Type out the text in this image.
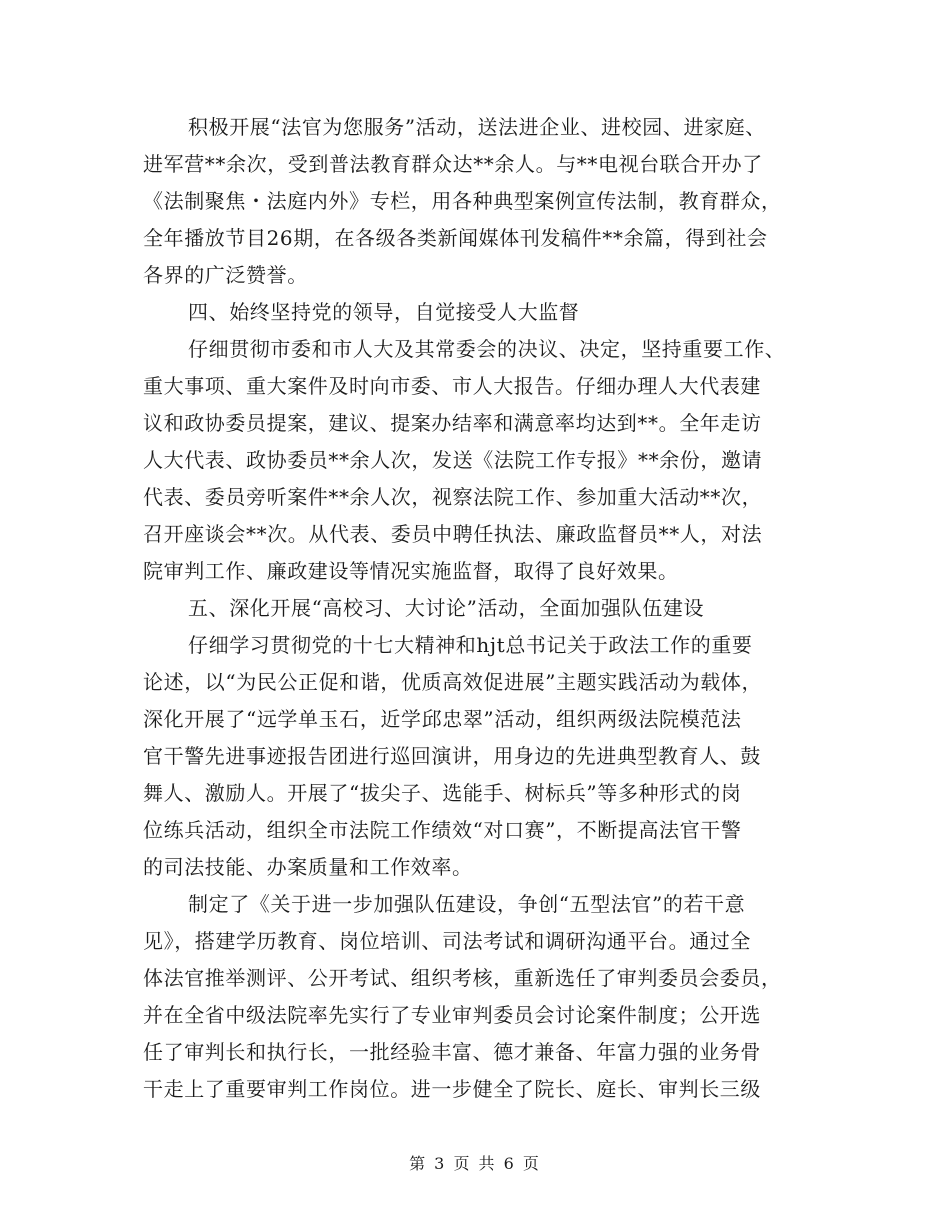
积极开展“法官为您服务”活动，送法进企业、进校园、进家庭、
进军营**余次，受到普法教育群众达**余人。与**电视台联合开办了
《法制聚焦・法庭内外》专栏，用各种典型案例宣传法制，教育群众，
全年播放节目26期，在各级各类新闻媒体刊发稿件**余篇，得到社会
各界的广泛赞誉。
四、始终坚持党的领导，自觉接受人大监督
仔细贯彻市委和市人大及其常委会的决议、决定，坚持重要工作、
重大事项、重大案件及时向市委、市人大报告。仔细办理人大代表建
议和政协委员提案，建议、提案办结率和满意率均达到**。全年走访
人大代表、政协委员**余人次，发送《法院工作专报》**余份，邀请
代表、委员旁听案件**余人次，视察法院工作、参加重大活动**次，
召开座谈会**次。从代表、委员中聘任执法、廉政监督员**人，对法
院审判工作、廉政建设等情况实施监督，取得了良好效果。
五、深化开展“高校习、大讨论”活动，全面加强队伍建设
仔细学习贯彻党的十七大精神和hjt总书记关于政法工作的重要
论述，以“为民公正促和谐，优质高效促进展”主题实践活动为载体，
深化开展了“远学单玉石，近学邱忠翠”活动，组织两级法院模范法
官干警先进事迹报告团进行巡回演讲，用身边的先进典型教育人、鼓
舞人、激励人。开展了“拔尖子、选能手、树标兵”等多种形式的岗
位练兵活动，组织全市法院工作绩效“对口赛”，不断提高法官干警
的司法技能、办案质量和工作效率。
制定了《关于进一步加强队伍建设，争创“五型法官”的若干意
见》，搭建学历教育、岗位培训、司法考试和调研沟通平台。通过全
体法官推举测评、公开考试、组织考核，重新选任了审判委员会委员，
并在全省中级法院率先实行了专业审判委员会讨论案件制度；公开选
任了审判长和执行长，一批经验丰富、德才兼备、年富力强的业务骨
干走上了重要审判工作岗位。进一步健全了院长、庭长、审判长三级
第 3 页 共 6 页
